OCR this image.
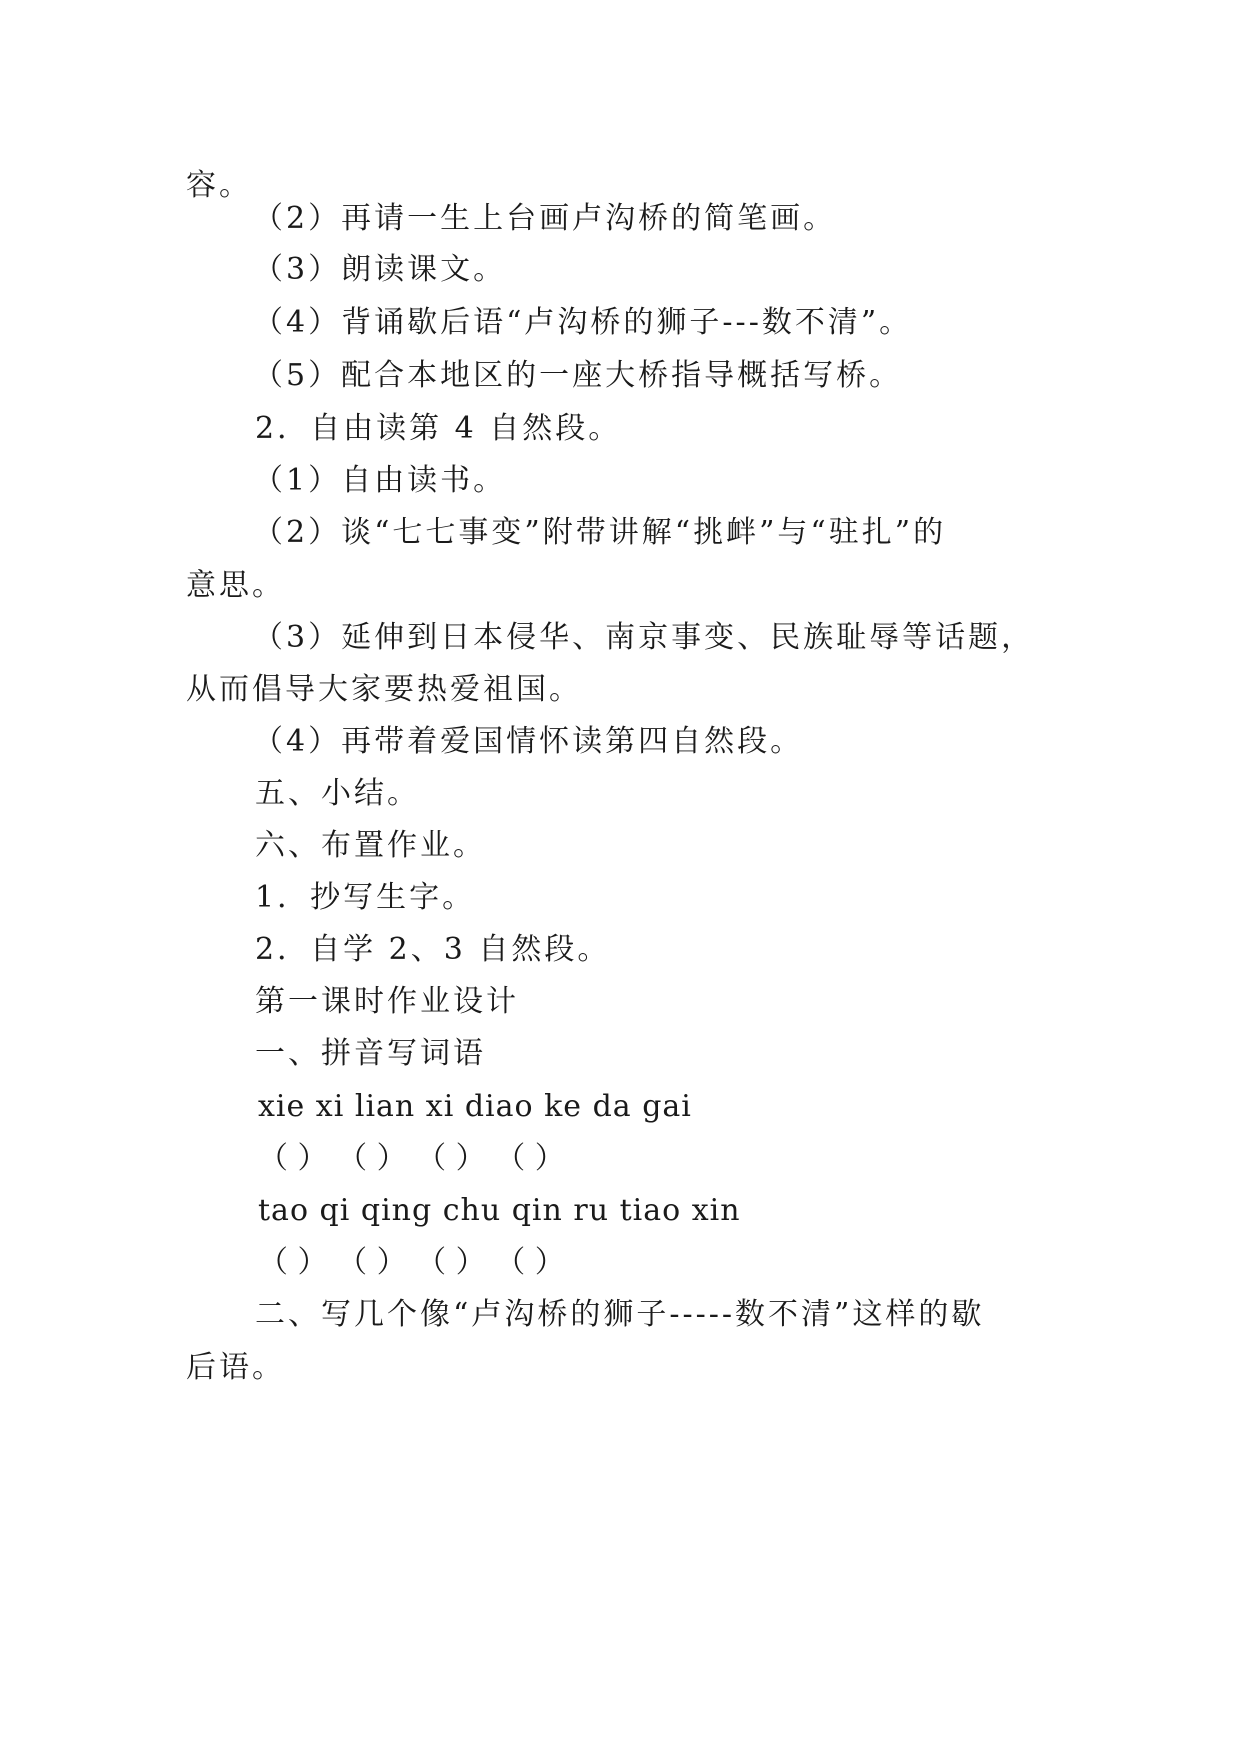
容。
（2）再请一生上台画卢沟桥的简笔画。
（3）朗读课文。
（4）背诵歇后语“卢沟桥的狮子---数不清”。
（5）配合本地区的一座大桥指导概括写桥。
2．自由读第 4 自然段。
（1）自由读书。
（2）谈“七七事变”附带讲解“挑衅”与“驻扎”的
意思。
（3）延伸到日本侵华、南京事变、民族耻辱等话题，
从而倡导大家要热爱祖国。
（4）再带着爱国情怀读第四自然段。
五、小结。
六、布置作业。
1．抄写生字。
2．自学 2、3 自然段。
第一课时作业设计
一、拼音写词语
xie xi lian xi diao ke da gai
（ ） （ ） （ ） （ ）
tao qi qing chu qin ru tiao xin
（ ） （ ） （ ） （ ）
二、写几个像“卢沟桥的狮子-----数不清”这样的歇
后语。
